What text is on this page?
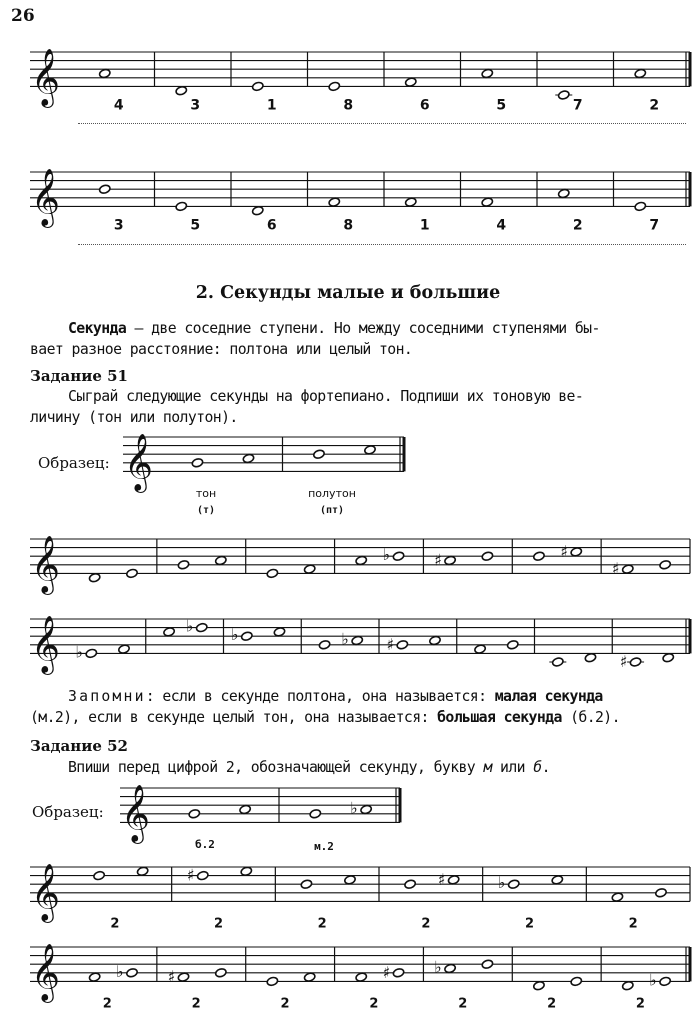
26
𝄞	4	3	1	8	6	5	7	2
𝄞	3	5	6	8	1	4	2	7
2. Секунды малые и большие
Секунда — две соседние ступени. Но между соседними ступенями бы-
вает разное расстояние: полтона или целый тон.
Задание 51
Сыграй следующие секунды на фортепиано. Подпиши их тоновую ве-
личину (тон или полутон).
Образец: 𝄞
тон
(т)
полутон
(пт)
𝄞	♭	♯	♯
♯
𝄞 ♭
♭ ♭	♭ ♯
♯
Запомни: если в секунде полтона, она называется: малая секунда
(м.2), если в секунде целый тон, она называется: большая секунда (б.2).
Задание 52
Впиши перед цифрой 2, обозначающей секунду, букву м или б.
Образец: 𝄞	♭
б.2	м.2
𝄞
2
♯
2	2
♯
2
♭
2	2
𝄞	♭
2
♯
2	2
♯
2
♭
2	2
♭
2
